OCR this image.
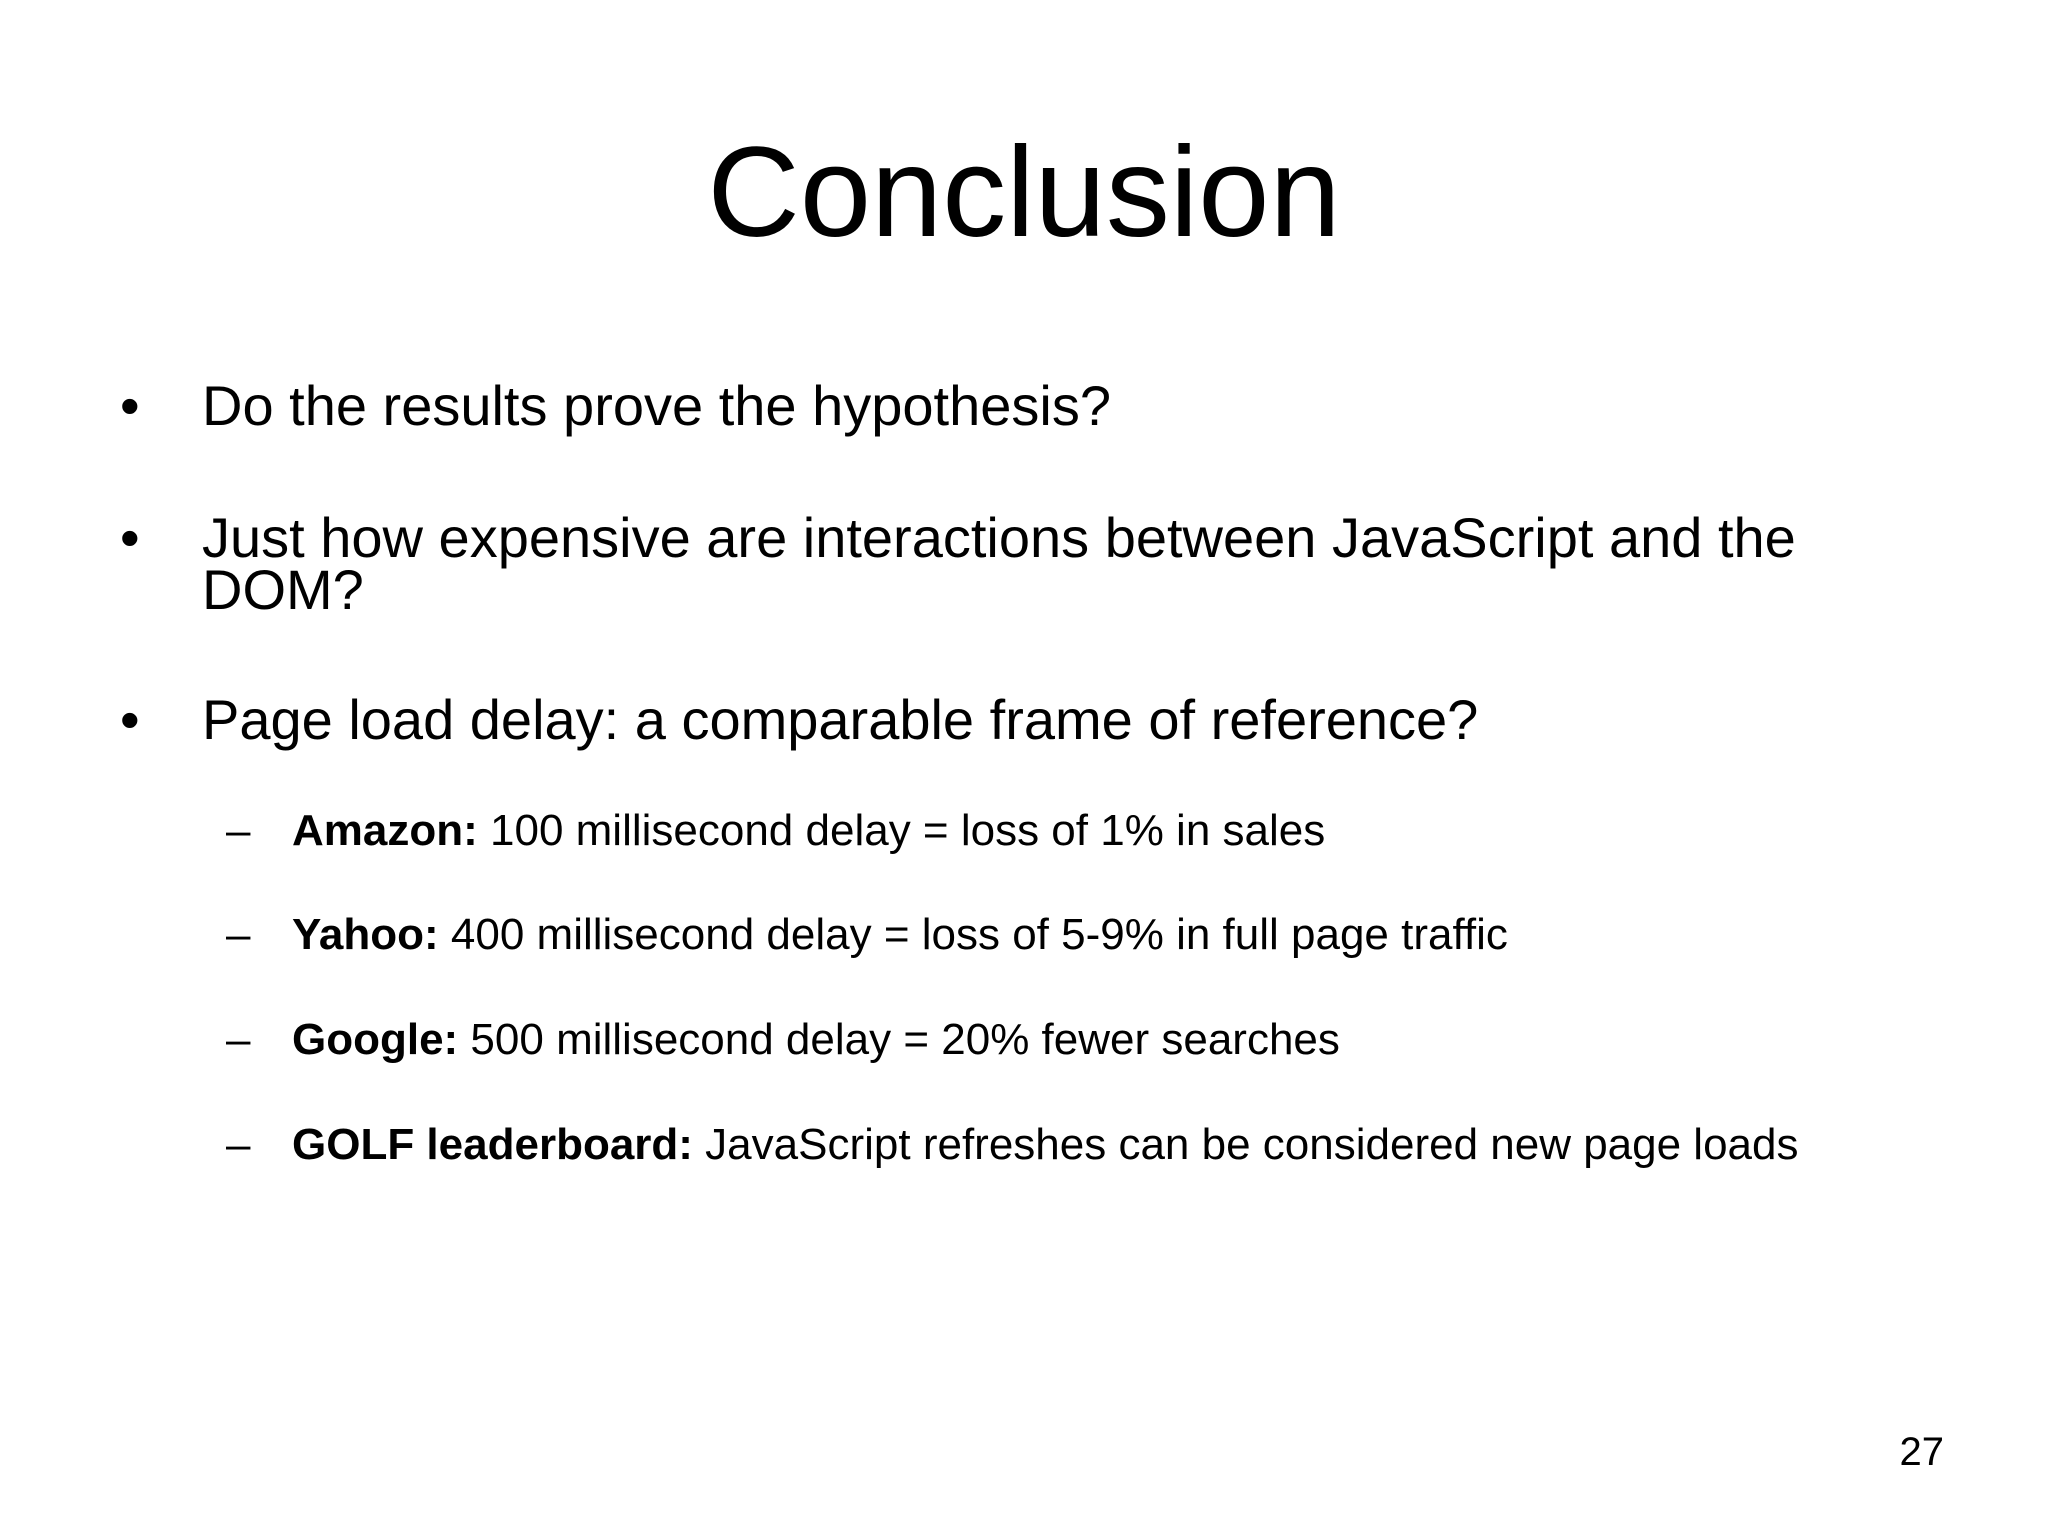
Conclusion
•	Do the results prove the hypothesis?
•	Just how expensive are interactions between JavaScript and the DOM?
•	Page load delay: a comparable frame of reference?
– Amazon: 100 millisecond delay = loss of 1% in sales
– Yahoo: 400 millisecond delay = loss of 5-9% in full page traffic
– Google: 500 millisecond delay = 20% fewer searches
– GOLF leaderboard: JavaScript refreshes can be considered new page loads
27
